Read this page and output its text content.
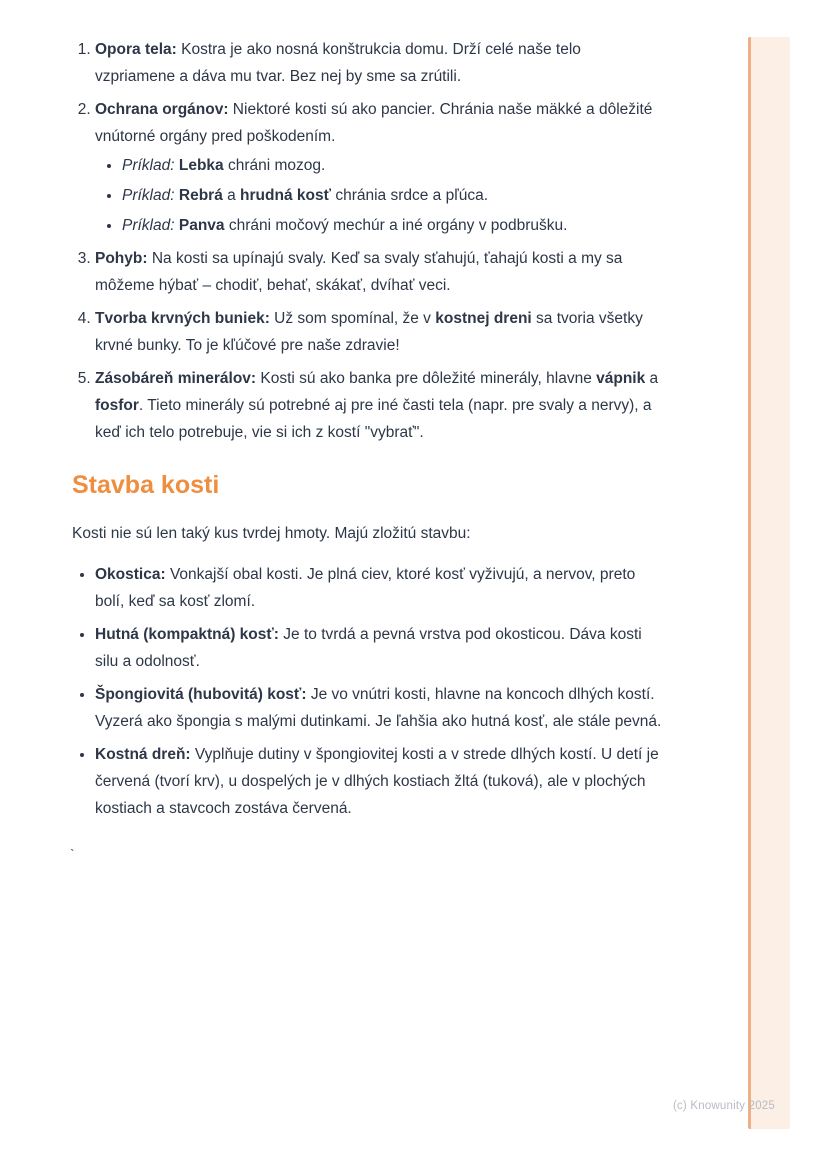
1. Opora tela: Kostra je ako nosná konštrukcia domu. Drží celé naše telo vzpriamene a dáva mu tvar. Bez nej by sme sa zrútili.
2. Ochrana orgánov: Niektoré kosti sú ako pancier. Chránia naše mäkké a dôležité vnútorné orgány pred poškodením.
• Príklad: Lebka chráni mozog.
• Príklad: Rebrá a hrudná kosť chránia srdce a pľúca.
• Príklad: Panva chráni močový mechúr a iné orgány v podbrušku.
3. Pohyb: Na kosti sa upínajú svaly. Keď sa svaly sťahujú, ťahajú kosti a my sa môžeme hýbať – chodiť, behať, skákať, dvíhať veci.
4. Tvorba krvných buniek: Už som spomínal, že v kostnej dreni sa tvoria všetky krvné bunky. To je kľúčové pre naše zdravie!
5. Zásobáreň minerálov: Kosti sú ako banka pre dôležité minerály, hlavne vápnik a fosfor. Tieto minerály sú potrebné aj pre iné časti tela (napr. pre svaly a nervy), a keď ich telo potrebuje, vie si ich z kostí "vybrať".
Stavba kosti

Kosti nie sú len taký kus tvrdej hmoty. Majú zložitú stavbu:

• Okostica: Vonkajší obal kosti. Je plná ciev, ktoré kosť vyživujú, a nervov, preto bolí, keď sa kosť zlomí.
• Hutná (kompaktná) kosť: Je to tvrdá a pevná vrstva pod okosticou. Dáva kosti silu a odolnosť.
• Špongiovitá (hubovitá) kosť: Je vo vnútri kosti, hlavne na koncoch dlhých kostí. Vyzerá ako špongia s malými dutinkami. Je ľahšia ako hutná kosť, ale stále pevná.
• Kostná dreň: Vyplňuje dutiny v špongiovitej kosti a v strede dlhých kostí. U detí je červená (tvorí krv), u dospelých je v dlhých kostiach žltá (tuková), ale v plochých kostiach a stavcoch zostáva červená.
`
(c) Knowunity 2025
